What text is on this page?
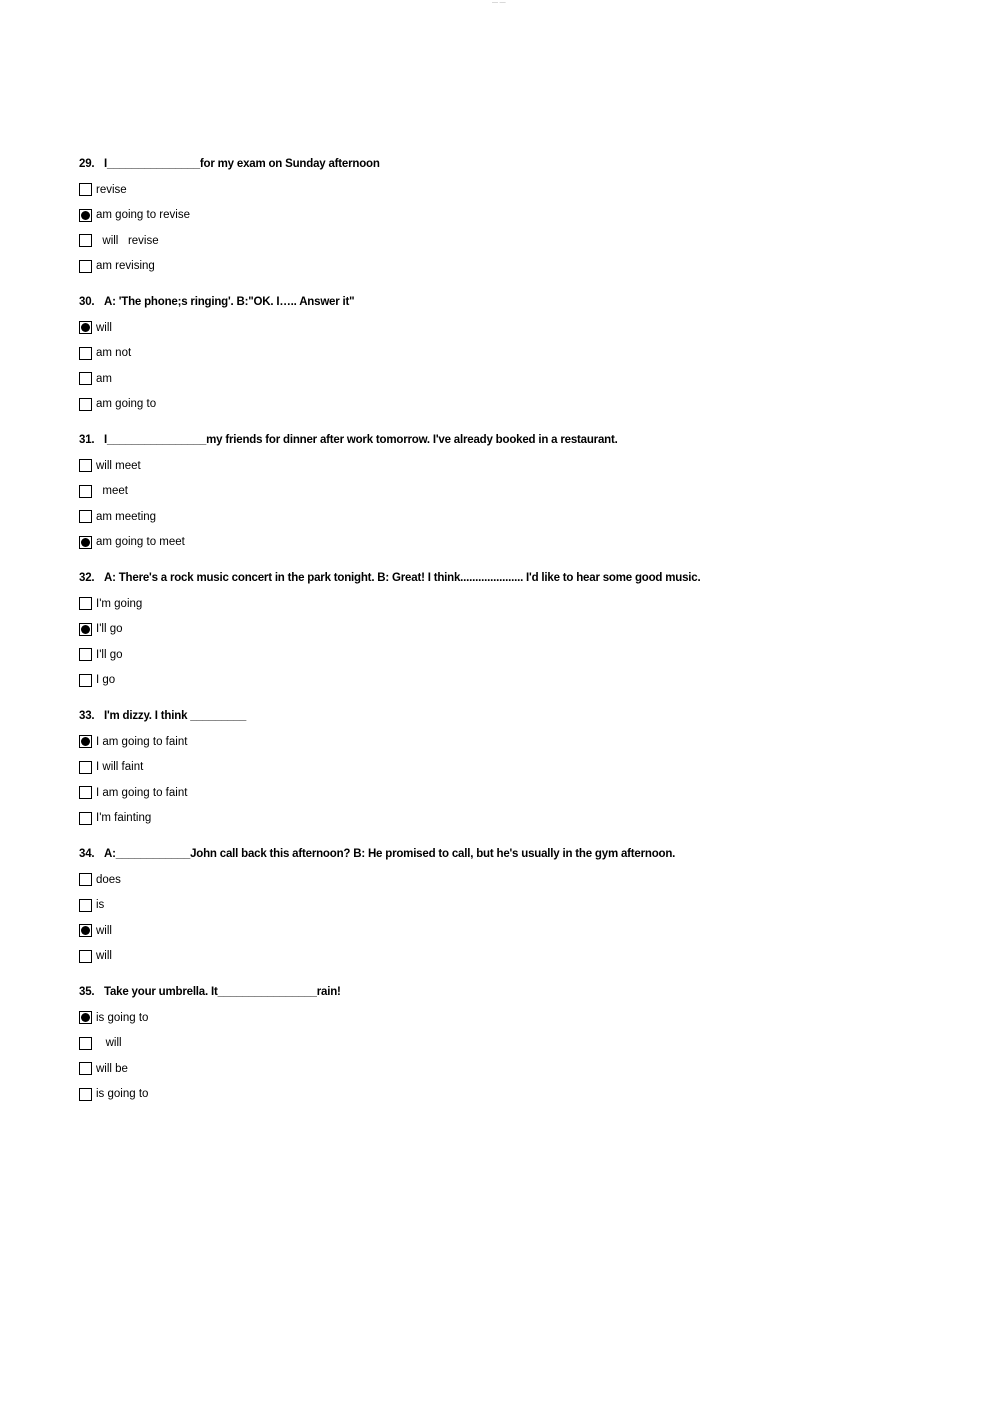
— —
29. I_______________for my exam on Sunday afternoon
revise
am going to revise
will   revise
am revising
30. A: 'The phone;s ringing'. B:"OK. I….. Answer it"
will
am not
am
am going to
31. I________________my friends for dinner after work tomorrow. I've already booked in a restaurant.
will meet
meet
am meeting
am going to meet
32. A: There's a rock music concert in the park tonight. B: Great! I think..................... I'd like to hear some good music.
I'm going
I'll go
I'll go
I go
33. I'm dizzy. I think _________
I am going to faint
I will faint
I am going to faint
I'm fainting
34. A:____________John call back this afternoon? B: He promised to call, but he's usually in the gym afternoon.
does
is
will
will
35. Take your umbrella. It________________rain!
is going to
will
will be
is going to
